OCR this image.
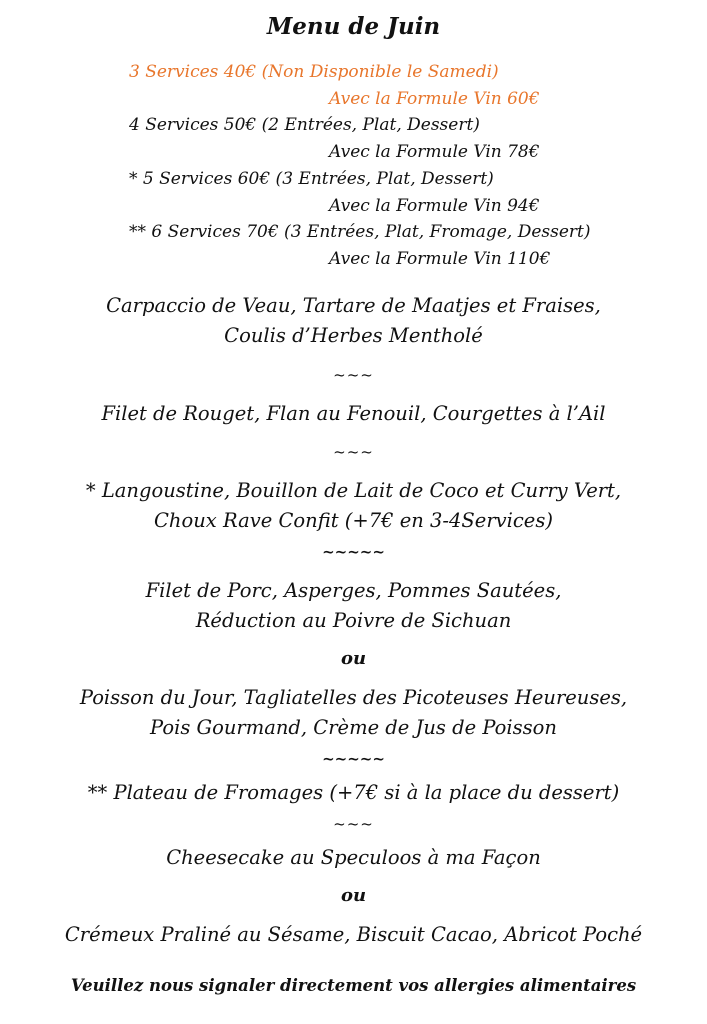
Menu de Juin
3 Services 40€ (Non Disponible le Samedi)
Avec la Formule Vin 60€
4 Services 50€ (2 Entrées, Plat, Dessert)
Avec la Formule Vin 78€
* 5 Services 60€ (3 Entrées, Plat, Dessert)
Avec la Formule Vin 94€
** 6 Services 70€ (3 Entrées, Plat, Fromage, Dessert)
Avec la Formule Vin 110€
Carpaccio de Veau, Tartare de Maatjes et Fraises,
Coulis d’Herbes Mentholé
~~~
Filet de Rouget, Flan au Fenouil, Courgettes à l’Ail
~~~
* Langoustine, Bouillon de Lait de Coco et Curry Vert,
Choux Rave Confit (+7€ en 3-4Services)
~~~~~
Filet de Porc, Asperges, Pommes Sautées,
Réduction au Poivre de Sichuan
ou
Poisson du Jour, Tagliatelles des Picoteuses Heureuses,
Pois Gourmand, Crème de Jus de Poisson
~~~~~
** Plateau de Fromages (+7€ si à la place du dessert)
~~~
Cheesecake au Speculoos à ma Façon
ou
Crémeux Praliné au Sésame, Biscuit Cacao, Abricot Poché
Veuillez nous signaler directement vos allergies alimentaires
